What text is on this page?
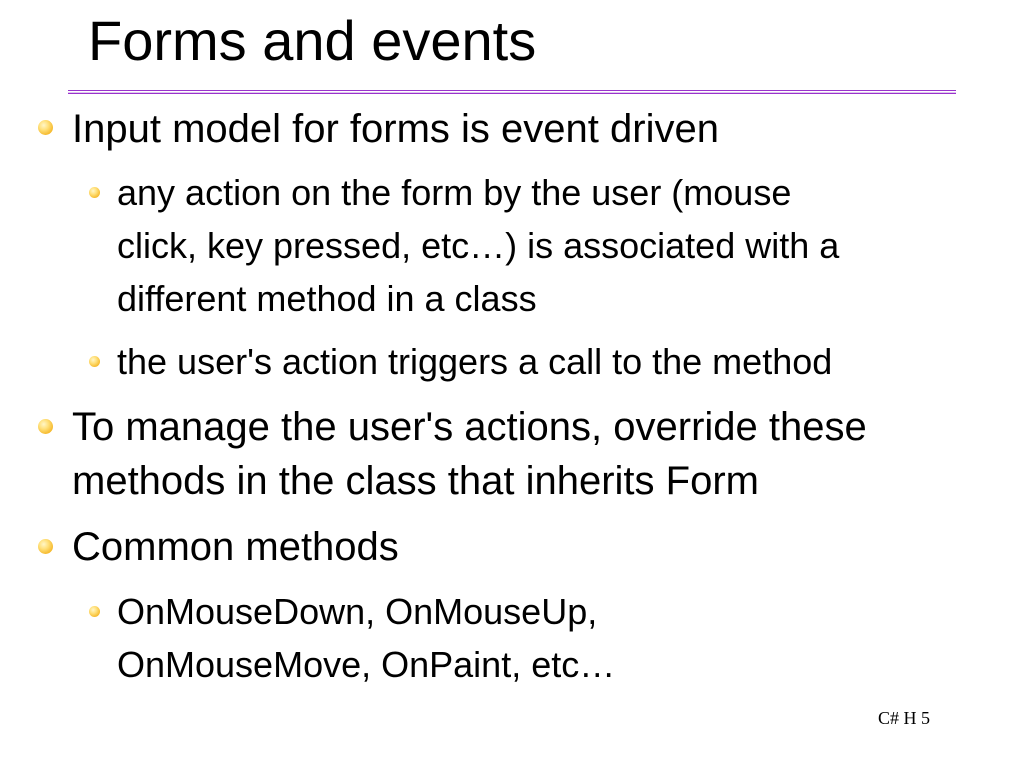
Forms and events
Input model for forms is event driven
any action on the form by the user (mouse
click, key pressed, etc…) is associated with a
different method in a class
the user's action triggers a call to the method
To manage the user's actions, override these
methods in the class that inherits Form
Common methods
OnMouseDown, OnMouseUp,
OnMouseMove, OnPaint, etc…
C# H 5
